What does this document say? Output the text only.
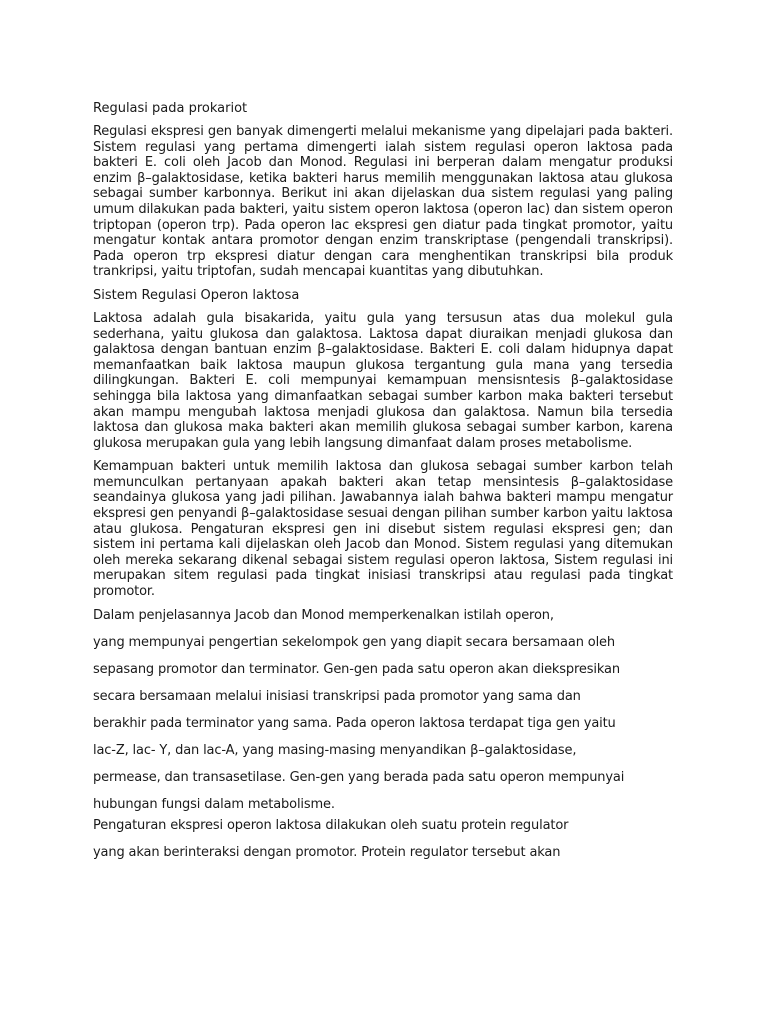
Regulasi pada prokariot
Regulasi ekspresi gen banyak dimengerti melalui mekanisme yang dipelajari pada bakteri. Sistem regulasi yang pertama dimengerti ialah sistem regulasi operon laktosa pada bakteri E. coli oleh Jacob dan Monod. Regulasi ini berperan dalam mengatur produksi enzim β–galaktosidase, ketika bakteri harus memilih menggunakan laktosa atau glukosa sebagai sumber karbonnya. Berikut ini akan dijelaskan dua sistem regulasi yang paling umum dilakukan pada bakteri, yaitu sistem operon laktosa (operon lac) dan sistem operon triptopan (operon trp). Pada operon lac ekspresi gen diatur pada tingkat promotor, yaitu mengatur kontak antara promotor dengan enzim transkriptase (pengendali transkripsi). Pada operon trp ekspresi diatur dengan cara menghentikan transkripsi bila produk trankripsi, yaitu triptofan, sudah mencapai kuantitas yang dibutuhkan.
Sistem Regulasi Operon laktosa
Laktosa adalah gula bisakarida, yaitu gula yang tersusun atas dua molekul gula sederhana, yaitu glukosa dan galaktosa. Laktosa dapat diuraikan menjadi glukosa dan galaktosa dengan bantuan enzim β–galaktosidase. Bakteri E. coli dalam hidupnya dapat memanfaatkan baik laktosa maupun glukosa tergantung gula mana yang tersedia dilingkungan. Bakteri E. coli mempunyai kemampuan mensisntesis β–galaktosidase sehingga bila laktosa yang dimanfaatkan sebagai sumber karbon maka bakteri tersebut akan mampu mengubah laktosa menjadi glukosa dan galaktosa. Namun bila tersedia laktosa dan glukosa maka bakteri akan memilih glukosa sebagai sumber karbon, karena glukosa merupakan gula yang lebih langsung dimanfaat dalam proses metabolisme.
Kemampuan bakteri untuk memilih laktosa dan glukosa sebagai sumber karbon telah memunculkan pertanyaan apakah bakteri akan tetap mensintesis β–galaktosidase seandainya glukosa yang jadi pilihan. Jawabannya ialah bahwa bakteri mampu mengatur ekspresi gen penyandi β–galaktosidase sesuai dengan pilihan sumber karbon yaitu laktosa atau glukosa. Pengaturan ekspresi gen ini disebut sistem regulasi ekspresi gen; dan sistem ini pertama kali dijelaskan oleh Jacob dan Monod. Sistem regulasi yang ditemukan oleh mereka sekarang dikenal sebagai sistem regulasi operon laktosa, Sistem regulasi ini merupakan sitem regulasi pada tingkat inisiasi transkripsi atau regulasi pada tingkat promotor.
Dalam penjelasannya Jacob dan Monod memperkenalkan istilah operon,
yang mempunyai pengertian sekelompok gen yang diapit secara bersamaan oleh
sepasang promotor dan terminator. Gen-gen pada satu operon akan diekspresikan
secara bersamaan melalui inisiasi transkripsi pada promotor yang sama dan
berakhir pada terminator yang sama. Pada operon laktosa terdapat tiga gen yaitu
lac-Z, lac- Y, dan lac-A, yang masing-masing menyandikan β–galaktosidase,
permease, dan transasetilase. Gen-gen yang berada pada satu operon mempunyai
hubungan fungsi dalam metabolisme.
Pengaturan ekspresi operon laktosa dilakukan oleh suatu protein regulator
yang akan berinteraksi dengan promotor. Protein regulator tersebut akan
